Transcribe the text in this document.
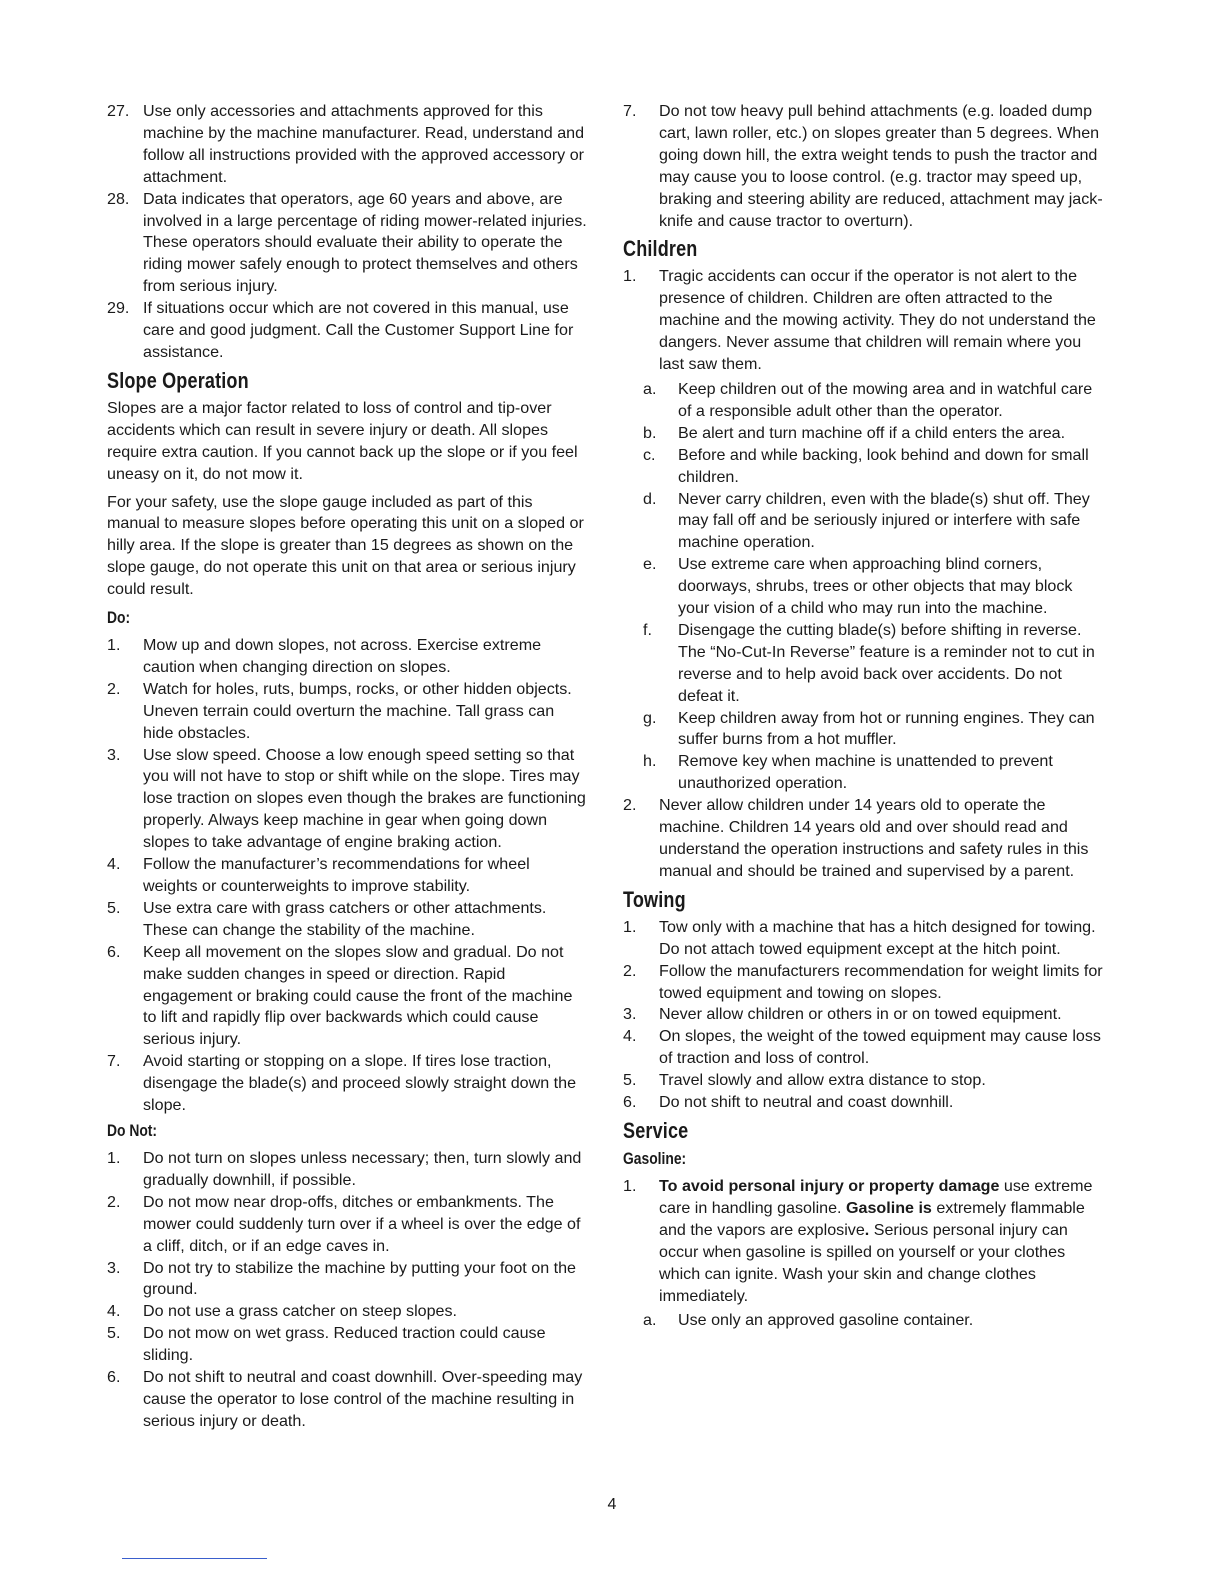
27. Use only accessories and attachments approved for this machine by the machine manufacturer. Read, understand and follow all instructions provided with the approved accessory or attachment.
28. Data indicates that operators, age 60 years and above, are involved in a large percentage of riding mower-related injuries. These operators should evaluate their ability to operate the riding mower safely enough to protect themselves and others from serious injury.
29. If situations occur which are not covered in this manual, use care and good judgment. Call the Customer Support Line for assistance.
Slope Operation

Slopes are a major factor related to loss of control and tip-over accidents which can result in severe injury or death. All slopes require extra caution. If you cannot back up the slope or if you feel uneasy on it, do not mow it.

For your safety, use the slope gauge included as part of this manual to measure slopes before operating this unit on a sloped or hilly area. If the slope is greater than 15 degrees as shown on the slope gauge, do not operate this unit on that area or serious injury could result.

Do:
1. Mow up and down slopes, not across. Exercise extreme caution when changing direction on slopes.
2. Watch for holes, ruts, bumps, rocks, or other hidden objects. Uneven terrain could overturn the machine. Tall grass can hide obstacles.
3. Use slow speed. Choose a low enough speed setting so that you will not have to stop or shift while on the slope. Tires may lose traction on slopes even though the brakes are functioning properly. Always keep machine in gear when going down slopes to take advantage of engine braking action.
4. Follow the manufacturer’s recommendations for wheel weights or counterweights to improve stability.
5. Use extra care with grass catchers or other attachments. These can change the stability of the machine.
6. Keep all movement on the slopes slow and gradual. Do not make sudden changes in speed or direction. Rapid engagement or braking could cause the front of the machine to lift and rapidly flip over backwards which could cause serious injury.
7. Avoid starting or stopping on a slope. If tires lose traction, disengage the blade(s) and proceed slowly straight down the slope.
Do Not:
1. Do not turn on slopes unless necessary; then, turn slowly and gradually downhill, if possible.
2. Do not mow near drop-offs, ditches or embankments. The mower could suddenly turn over if a wheel is over the edge of a cliff, ditch, or if an edge caves in.
3. Do not try to stabilize the machine by putting your foot on the ground.
4. Do not use a grass catcher on steep slopes.
5. Do not mow on wet grass. Reduced traction could cause sliding.
6. Do not shift to neutral and coast downhill. Over-speeding may cause the operator to lose control of the machine resulting in serious injury or death.
7. Do not tow heavy pull behind attachments (e.g. loaded dump cart, lawn roller, etc.) on slopes greater than 5 degrees. When going down hill, the extra weight tends to push the tractor and may cause you to loose control. (e.g. tractor may speed up, braking and steering ability are reduced, attachment may jack-knife and cause tractor to overturn).
Children
1. Tragic accidents can occur if the operator is not alert to the presence of children. Children are often attracted to the machine and the mowing activity. They do not understand the dangers. Never assume that children will remain where you last saw them.
a. Keep children out of the mowing area and in watchful care of a responsible adult other than the operator.
b. Be alert and turn machine off if a child enters the area.
c. Before and while backing, look behind and down for small children.
d. Never carry children, even with the blade(s) shut off. They may fall off and be seriously injured or interfere with safe machine operation.
e. Use extreme care when approaching blind corners, doorways, shrubs, trees or other objects that may block your vision of a child who may run into the machine.
f. Disengage the cutting blade(s) before shifting in reverse. The “No-Cut-In Reverse” feature is a reminder not to cut in reverse and to help avoid back over accidents. Do not defeat it.
g. Keep children away from hot or running engines. They can suffer burns from a hot muffler.
h. Remove key when machine is unattended to prevent unauthorized operation.
2. Never allow children under 14 years old to operate the machine. Children 14 years old and over should read and understand the operation instructions and safety rules in this manual and should be trained and supervised by a parent.
Towing
1. Tow only with a machine that has a hitch designed for towing. Do not attach towed equipment except at the hitch point.
2. Follow the manufacturers recommendation for weight limits for towed equipment and towing on slopes.
3. Never allow children or others in or on towed equipment.
4. On slopes, the weight of the towed equipment may cause loss of traction and loss of control.
5. Travel slowly and allow extra distance to stop.
6. Do not shift to neutral and coast downhill.
Service
Gasoline:
1. To avoid personal injury or property damage use extreme care in handling gasoline. Gasoline is extremely flammable and the vapors are explosive. Serious personal injury can occur when gasoline is spilled on yourself or your clothes which can ignite. Wash your skin and change clothes immediately.
a. Use only an approved gasoline container.
4
